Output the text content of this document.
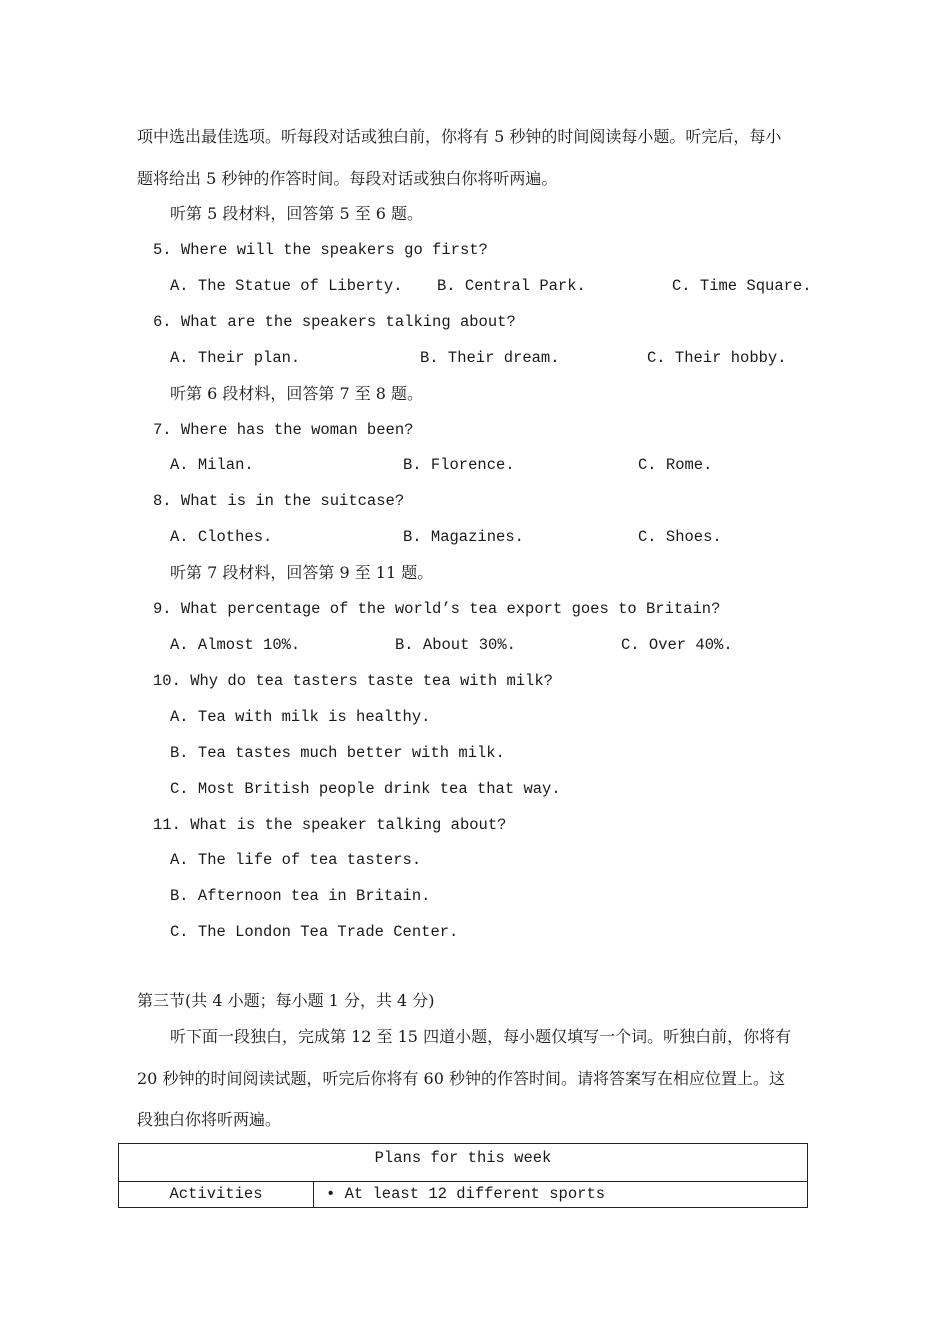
项中选出最佳选项。听每段对话或独白前，你将有 5 秒钟的时间阅读每小题。听完后，每小
题将给出 5 秒钟的作答时间。每段对话或独白你将听两遍。
听第 5 段材料，回答第 5 至 6 题。
5. Where will the speakers go first?
A. The Statue of Liberty. B. Central Park.	C. Time Square.
6. What are the speakers talking about?
A. Their plan.	B. Their dream.	C. Their hobby.
听第 6 段材料，回答第 7 至 8 题。
7. Where has the woman been?
A. Milan.	B. Florence.	C. Rome.
8. What is in the suitcase?
A. Clothes.	B. Magazines.	C. Shoes.
听第 7 段材料，回答第 9 至 11 题。
9. What percentage of the world’s tea export goes to Britain?
A. Almost 10%.	B. About 30%.	C. Over 40%.
10. Why do tea tasters taste tea with milk?
A. Tea with milk is healthy.
B. Tea tastes much better with milk.
C. Most British people drink tea that way.
11. What is the speaker talking about?
A. The life of tea tasters.
B. Afternoon tea in Britain.
C. The London Tea Trade Center.
第三节(共 4 小题；每小题 1 分，共 4 分)
听下面一段独白，完成第 12 至 15 四道小题，每小题仅填写一个词。听独白前，你将有
20 秒钟的时间阅读试题，听完后你将有 60 秒钟的作答时间。请将答案写在相应位置上。这
段独白你将听两遍。
Plans for this week
Activities	• At least 12 different sports
